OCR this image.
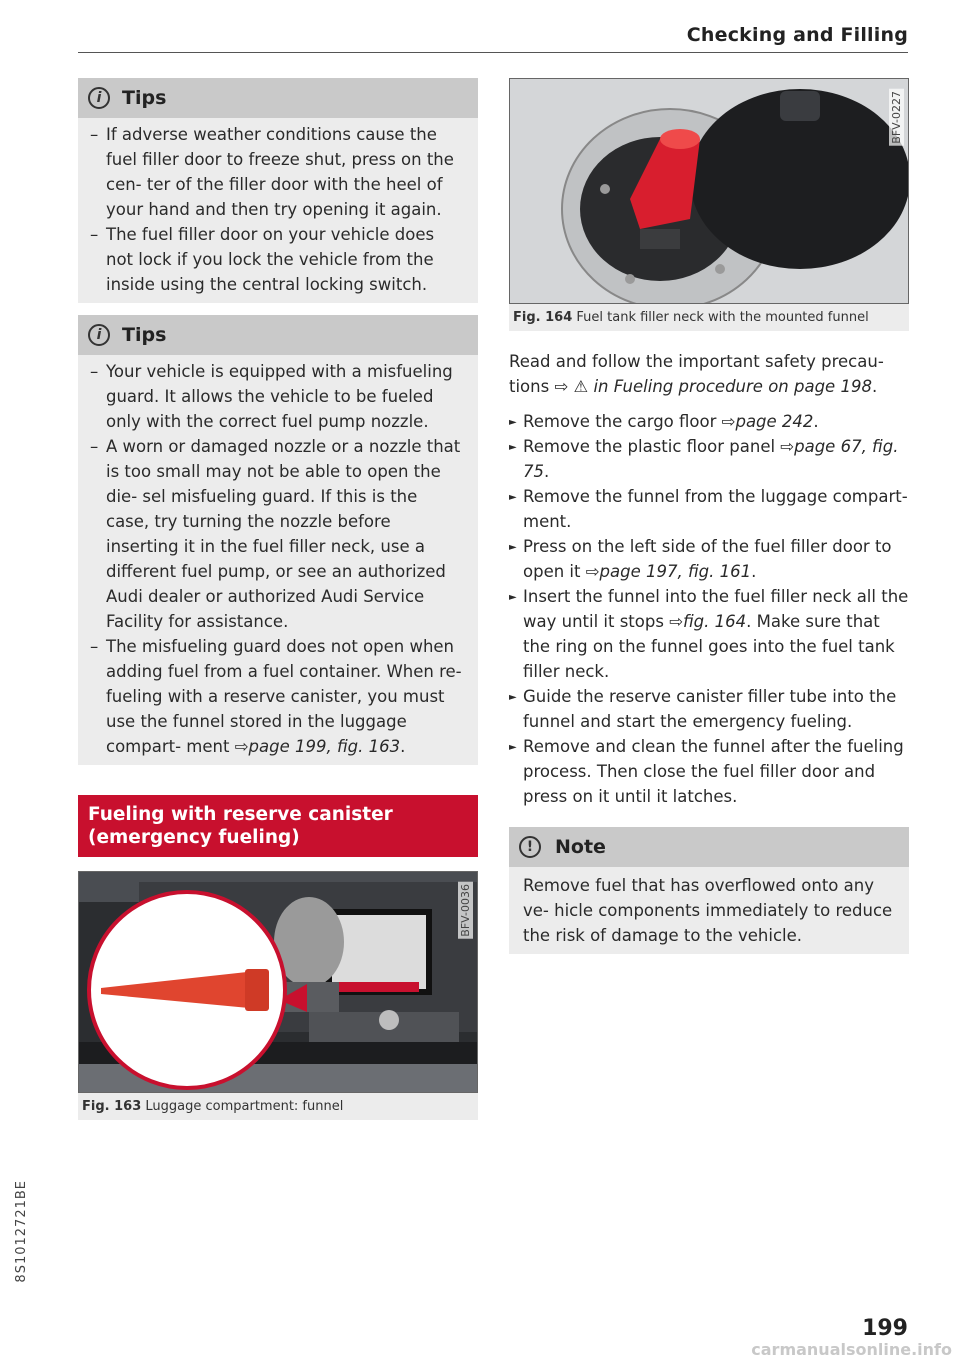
Checking and Filling
i	Tips

– If adverse weather conditions cause the fuel filler door to freeze shut, press on the cen- ter of the filler door with the heel of your hand and then try opening it again.

– The fuel filler door on your vehicle does not lock if you lock the vehicle from the inside using the central locking switch.

i	Tips

– Your vehicle is equipped with a misfueling guard. It allows the vehicle to be fueled only with the correct fuel pump nozzle.

– A worn or damaged nozzle or a nozzle that is too small may not be able to open the die- sel misfueling guard. If this is the case, try turning the nozzle before inserting it in the fuel filler neck, use a different fuel pump, or see an authorized Audi dealer or authorized Audi Service Facility for assistance.

– The misfueling guard does not open when adding fuel from a fuel container. When re- fueling with a reserve canister, you must use the funnel stored in the luggage compart- ment ⇨page 199, fig. 163.

Fueling with reserve canister (emergency fueling)
BFV-0036
Fig. 163 Luggage compartment: funnel
BFV-0227
Fig. 164 Fuel tank filler neck with the mounted funnel

Read and follow the important safety precau- tions ⇨ ⚠ in Fueling procedure on page 198.

► Remove the cargo floor ⇨page 242.

► Remove the plastic floor panel ⇨page 67, fig. 75.

► Remove the funnel from the luggage compart- ment.

► Press on the left side of the fuel filler door to open it ⇨page 197, fig. 161.

► Insert the funnel into the fuel filler neck all the way until it stops ⇨fig. 164. Make sure that the ring on the funnel goes into the fuel tank filler neck.

► Guide the reserve canister filler tube into the funnel and start the emergency fueling.

► Remove and clean the funnel after the fueling process. Then close the fuel filler door and press on it until it latches.

!	Note
Remove fuel that has overflowed onto any ve- hicle components immediately to reduce the risk of damage to the vehicle.
8S1012721BE
199
carmanualsonline.info
